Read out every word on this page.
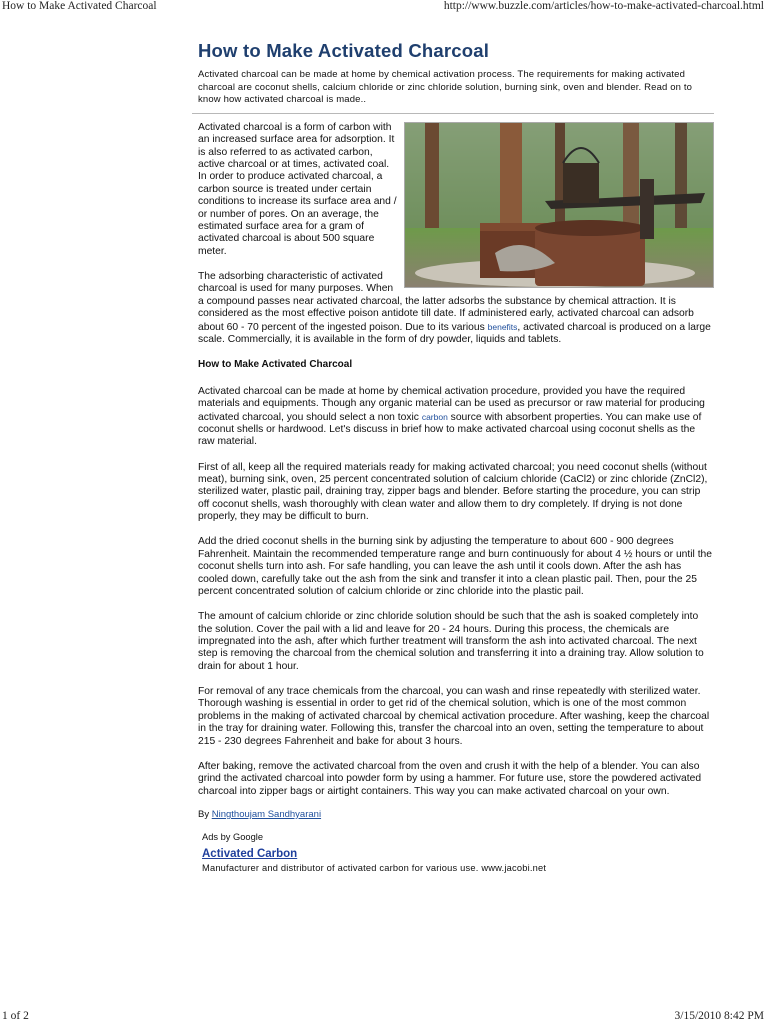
How to Make Activated Charcoal	http://www.buzzle.com/articles/how-to-make-activated-charcoal.html
How to Make Activated Charcoal
Activated charcoal can be made at home by chemical activation process. The requirements for making activated charcoal are coconut shells, calcium chloride or zinc chloride solution, burning sink, oven and blender. Read on to know how activated charcoal is made..

Activated charcoal is a form of carbon with an increased surface area for adsorption. It is also referred to as activated carbon, active charcoal or at times, activated coal. In order to produce activated charcoal, a carbon source is treated under certain conditions to increase its surface area and / or number of pores. On an average, the estimated surface area for a gram of activated charcoal is about 500 square meter.

The adsorbing characteristic of activated charcoal is used for many purposes. When a compound passes near activated charcoal, the latter adsorbs the substance by chemical attraction. It is considered as the most effective poison antidote till date. If administered early, activated charcoal can adsorb about 60 - 70 percent of the ingested poison. Due to its various benefits, activated charcoal is produced on a large scale. Commercially, it is available in the form of dry powder, liquids and tablets.

How to Make Activated Charcoal

Activated charcoal can be made at home by chemical activation procedure, provided you have the required materials and equipments. Though any organic material can be used as precursor or raw material for producing activated charcoal, you should select a non toxic carbon source with absorbent properties. You can make use of coconut shells or hardwood. Let's discuss in brief how to make activated charcoal using coconut shells as the raw material.

First of all, keep all the required materials ready for making activated charcoal; you need coconut shells (without meat), burning sink, oven, 25 percent concentrated solution of calcium chloride (CaCl2) or zinc chloride (ZnCl2), sterilized water, plastic pail, draining tray, zipper bags and blender. Before starting the procedure, you can strip off coconut shells, wash thoroughly with clean water and allow them to dry completely. If drying is not done properly, they may be difficult to burn.

Add the dried coconut shells in the burning sink by adjusting the temperature to about 600 - 900 degrees Fahrenheit. Maintain the recommended temperature range and burn continuously for about 4 ½ hours or until the coconut shells turn into ash. For safe handling, you can leave the ash until it cools down. After the ash has cooled down, carefully take out the ash from the sink and transfer it into a clean plastic pail. Then, pour the 25 percent concentrated solution of calcium chloride or zinc chloride into the plastic pail.

The amount of calcium chloride or zinc chloride solution should be such that the ash is soaked completely into the solution. Cover the pail with a lid and leave for 20 - 24 hours. During this process, the chemicals are impregnated into the ash, after which further treatment will transform the ash into activated charcoal. The next step is removing the charcoal from the chemical solution and transferring it into a draining tray. Allow solution to drain for about 1 hour.

For removal of any trace chemicals from the charcoal, you can wash and rinse repeatedly with sterilized water. Thorough washing is essential in order to get rid of the chemical solution, which is one of the most common problems in the making of activated charcoal by chemical activation procedure. After washing, keep the charcoal in the tray for draining water. Following this, transfer the charcoal into an oven, setting the temperature to about 215 - 230 degrees Fahrenheit and bake for about 3 hours.

After baking, remove the activated charcoal from the oven and crush it with the help of a blender. You can also grind the activated charcoal into powder form by using a hammer. For future use, store the powdered activated charcoal into zipper bags or airtight containers. This way you can make activated charcoal on your own.

By Ningthoujam Sandhyarani
Ads by Google
Activated Carbon
Manufacturer and distributor of activated carbon for various use. www.jacobi.net
1 of 2	3/15/2010 8:42 PM
